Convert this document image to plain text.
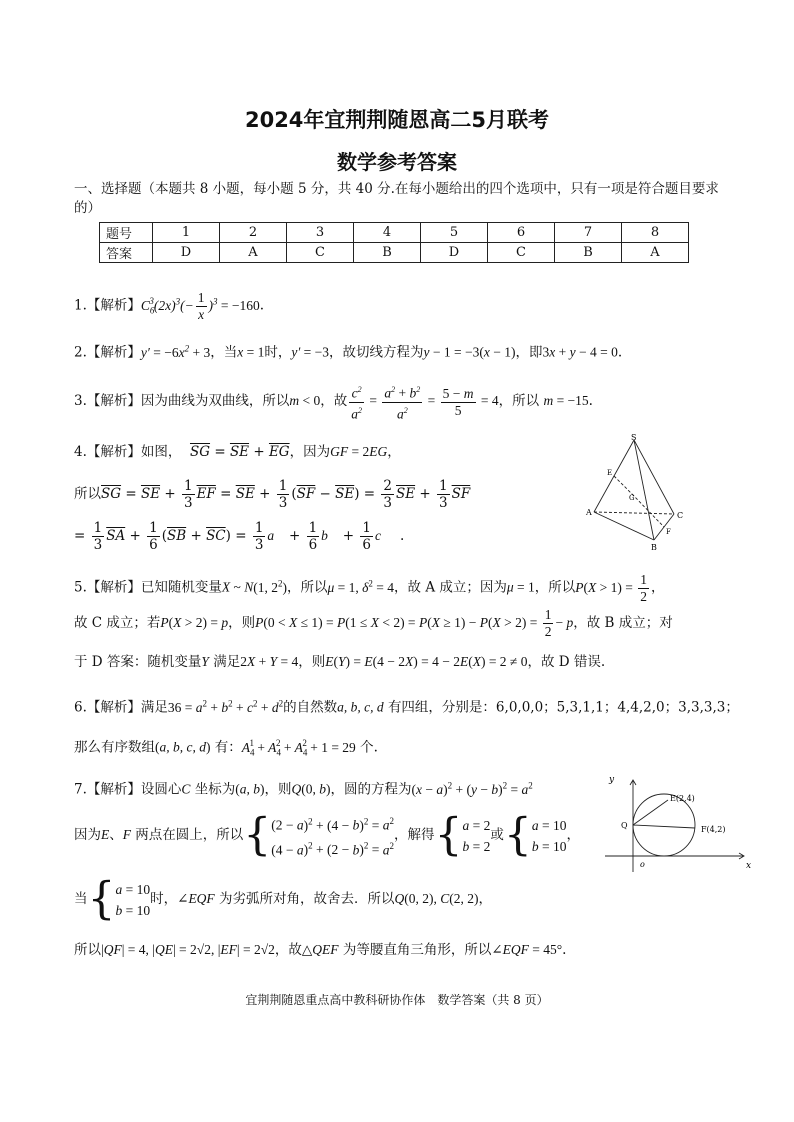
2024年宜荆荆随恩高二5月联考
数学参考答案
一、选择题（本题共 8 小题，每小题 5 分，共 40 分.在每小题给出的四个选项中，只有一项是符合题目要求
的）
题号	1	2	3	4	5	6	7	8
答案	D	A	C	B	D	C	B	A
1.【解析】$C_6^3(2x)^3(- \frac{1}{x} )^3 = -160$.
2.【解析】$y' = -6x^2 + 3$，当x = 1时，y′ = −3，故切线方程为y − 1 = −3(x − 1)，即3x + y − 4 = 0.
3.【解析】因为曲线为双曲线，所以m < 0，故 $\frac{c^2}{a^2} = \frac{a^2 + b^2}{a^2} = \frac{5 - m}{5} = 4$，所以 m = −15.
4.【解析】如图， $\overline{SG} = \overline{SE} + \overline{EG}$，因为GF = 2EG，
所以$\overline{SG} = \overline{SE} + \frac{1}{3} \overline{EF} = \overline{SE} + \frac{1}{3} (\overline{SF} - \overline{SE}) = \frac{2}{3} \overline{SE} + \frac{1}{3} \overline{SF}$
= $\frac{1}{3} \overline{SA} + \frac{1}{6} (\overline{SB} + \overline{SC}) = \frac{1}{3}$ a⃗ + $\frac{1}{6}$ b⃗ + $\frac{1}{6}$ c⃗  .
S
E
G
A
B
C
F
5.【解析】已知随机变量X ~ N(1, $2^2$)，所以μ = 1, $\delta^2 = 4$，故 A 成立；因为μ = 1，所以$P(X > 1) = \frac{1}{2}$ ，
故 C 成立；若P(X > 2) = p，则$P(0 < X \le 1) = P(1 \le X < 2) = P(X \ge 1) - P(X > 2) = \frac{1}{2} - p$，故 B 成立；对
于 D 答案：随机变量Y 满足2X + Y = 4，则E(Y) = E(4 − 2X) = 4 − 2E(X) = 2 ≠ 0，故 D 错误.
6.【解析】满足$36 = a^2 + b^2 + c^2 + d^2$的自然数a, b, c, d 有四组，分别是：6,0,0,0；5,3,1,1；4,4,2,0；3,3,3,3；
那么有序数组(a, b, c, d) 有：$A_4^1 + A_4^2 + A_4^2 + 1 = 29$ 个.
7.【解析】设圆心C 坐标为(a, b)，则Q(0, b)，圆的方程为$(x - a)^2 + (y - b)^2 = a^2$
因为E、F 两点在圆上，所以{$(2 - a)^2 + (4 - b)^2 = a^2$
$(4 - a)^2 + (2 - b)^2 = a^2$，解得{a = 2
b = 2或{a = 10
b = 10，
当{a = 10
b = 10时，∠EQF 为劣弧所对角，故舍去．所以Q(0, 2), C(2, 2)，
所以|QF| = 4, |QE| = 2√2, |EF| = 2√2，故△QEF 为等腰直角三角形，所以∠EQF = 45°.
y
x
o
Q
E(2,4)
F(4,2)
宜荆荆随恩重点高中教科研协作体　数学答案（共 8 页）
